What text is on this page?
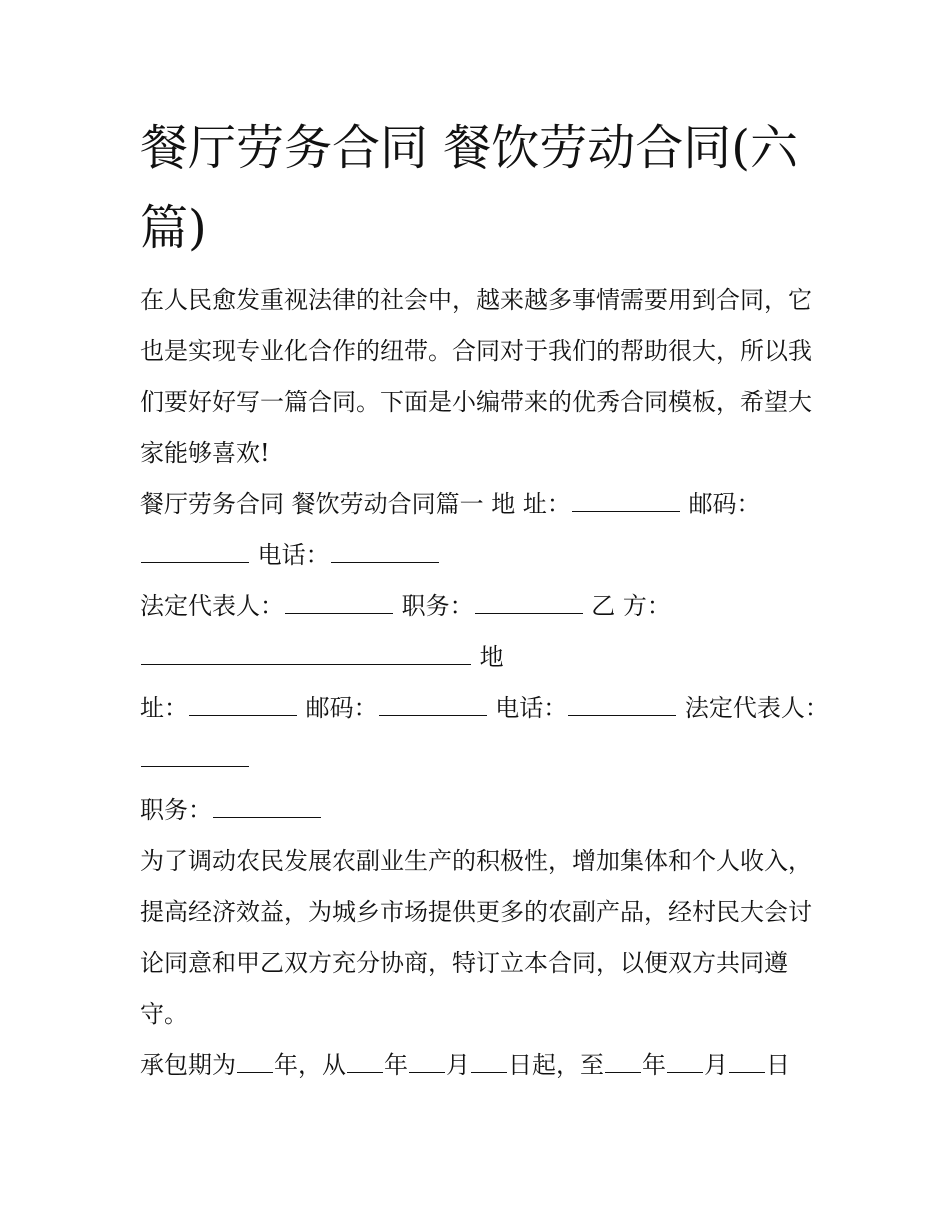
餐厅劳务合同 餐饮劳动合同(六篇)

在人民愈发重视法律的社会中，越来越多事情需要用到合同，它也是实现专业化合作的纽带。合同对于我们的帮助很大，所以我们要好好写一篇合同。下面是小编带来的优秀合同模板，希望大家能够喜欢!

餐厅劳务合同 餐饮劳动合同篇一 地 址：	邮码： 电话：

法定代表人：	职务：	乙 方： 地

址：	邮码：	电话：	法定代表人：

职务：

为了调动农民发展农副业生产的积极性，增加集体和个人收入，提高经济效益，为城乡市场提供更多的农副产品，经村民大会讨论同意和甲乙双方充分协商，特订立本合同，以便双方共同遵守。

承包期为 年，从 年 月 日起，至 年 月 日
